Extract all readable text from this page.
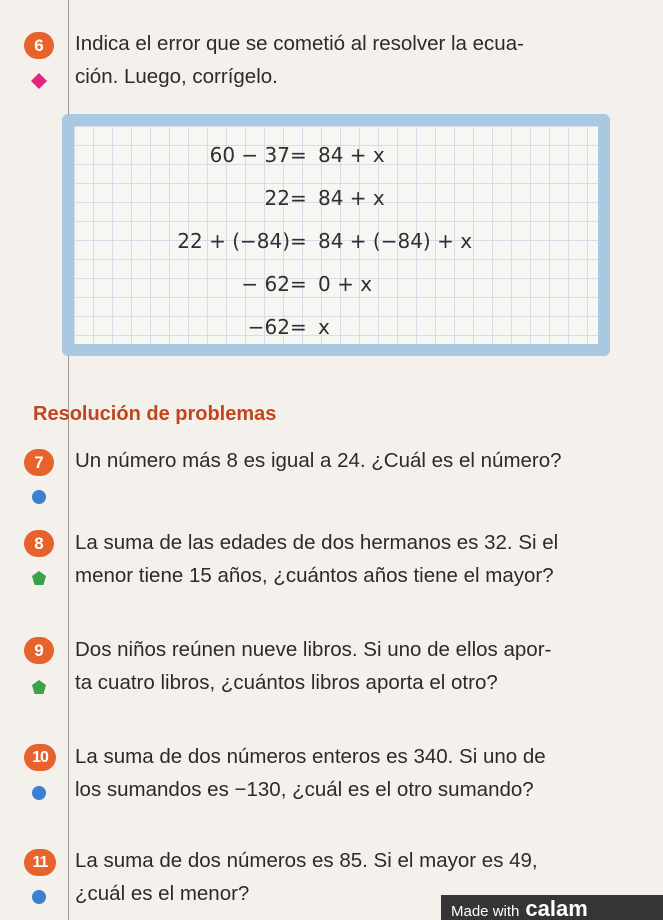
6	Indica el error que se cometió al resolver la ecua-
ción. Luego, corrígelo.
60 − 37 = 84 + x
22 = 84 + x
22 + (−84) = 84 + (−84) + x
− 62 = 0 + x
−62 = x
Resolución de problemas
7	Un número más 8 es igual a 24. ¿Cuál es el número?
8	La suma de las edades de dos hermanos es 32. Si el
menor tiene 15 años, ¿cuántos años tiene el mayor?
9	Dos niños reúnen nueve libros. Si uno de ellos apor-
ta cuatro libros, ¿cuántos libros aporta el otro?
10	La suma de dos números enteros es 340. Si uno de
los sumandos es −130, ¿cuál es el otro sumando?
11	La suma de dos números es 85. Si el mayor es 49,
¿cuál es el menor?
Made with calam
